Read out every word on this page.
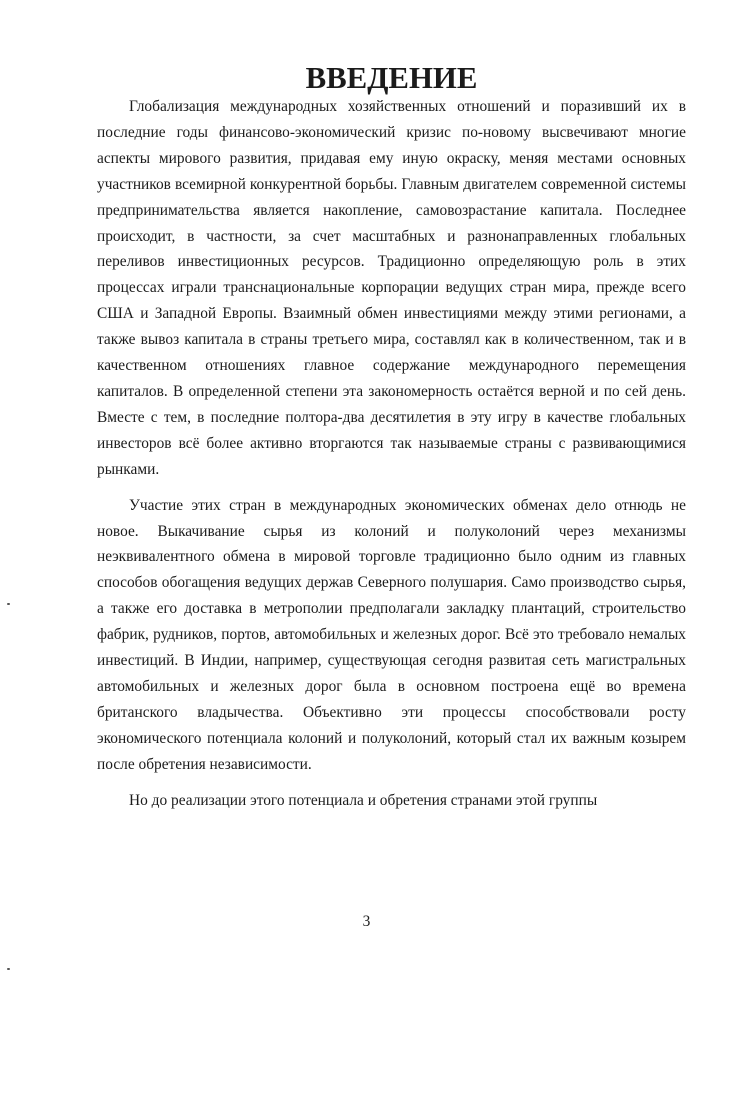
ВВЕДЕНИЕ

Глобализация международных хозяйственных отношений и поразивший их в последние годы финансово-экономический кризис по-новому высвечивают многие аспекты мирового развития, придавая ему иную окраску, меняя местами основных участников всемирной конкурентной борьбы. Главным двигателем современной системы предпринимательства является накопление, самовозрастание капитала. Последнее происходит, в частности, за счет масштабных и разнонаправленных глобальных переливов инвестиционных ресурсов. Традиционно определяющую роль в этих процессах играли транснациональные корпорации ведущих стран мира, прежде всего США и Западной Европы. Взаимный обмен инвестициями между этими регионами, а также вывоз капитала в страны третьего мира, составлял как в количественном, так и в качественном отношениях главное содержание международного перемещения капиталов. В определенной степени эта закономерность остаётся верной и по сей день. Вместе с тем, в последние полтора-два десятилетия в эту игру в качестве глобальных инвесторов всё более активно вторгаются так называемые страны с развивающимися рынками.

Участие этих стран в международных экономических обменах дело отнюдь не новое. Выкачивание сырья из колоний и полуколоний через механизмы неэквивалентного обмена в мировой торговле традиционно было одним из главных способов обогащения ведущих держав Северного полушария. Само производство сырья, а также его доставка в метрополии предполагали закладку плантаций, строительство фабрик, рудников, портов, автомобильных и железных дорог. Всё это требовало немалых инвестиций. В Индии, например, существующая сегодня развитая сеть магистральных автомобильных и железных дорог была в основном построена ещё во времена британского владычества. Объективно эти процессы способствовали росту экономического потенциала колоний и полуколоний, который стал их важным козырем после обретения независимости.

Но до реализации этого потенциала и обретения странами этой группы

3
